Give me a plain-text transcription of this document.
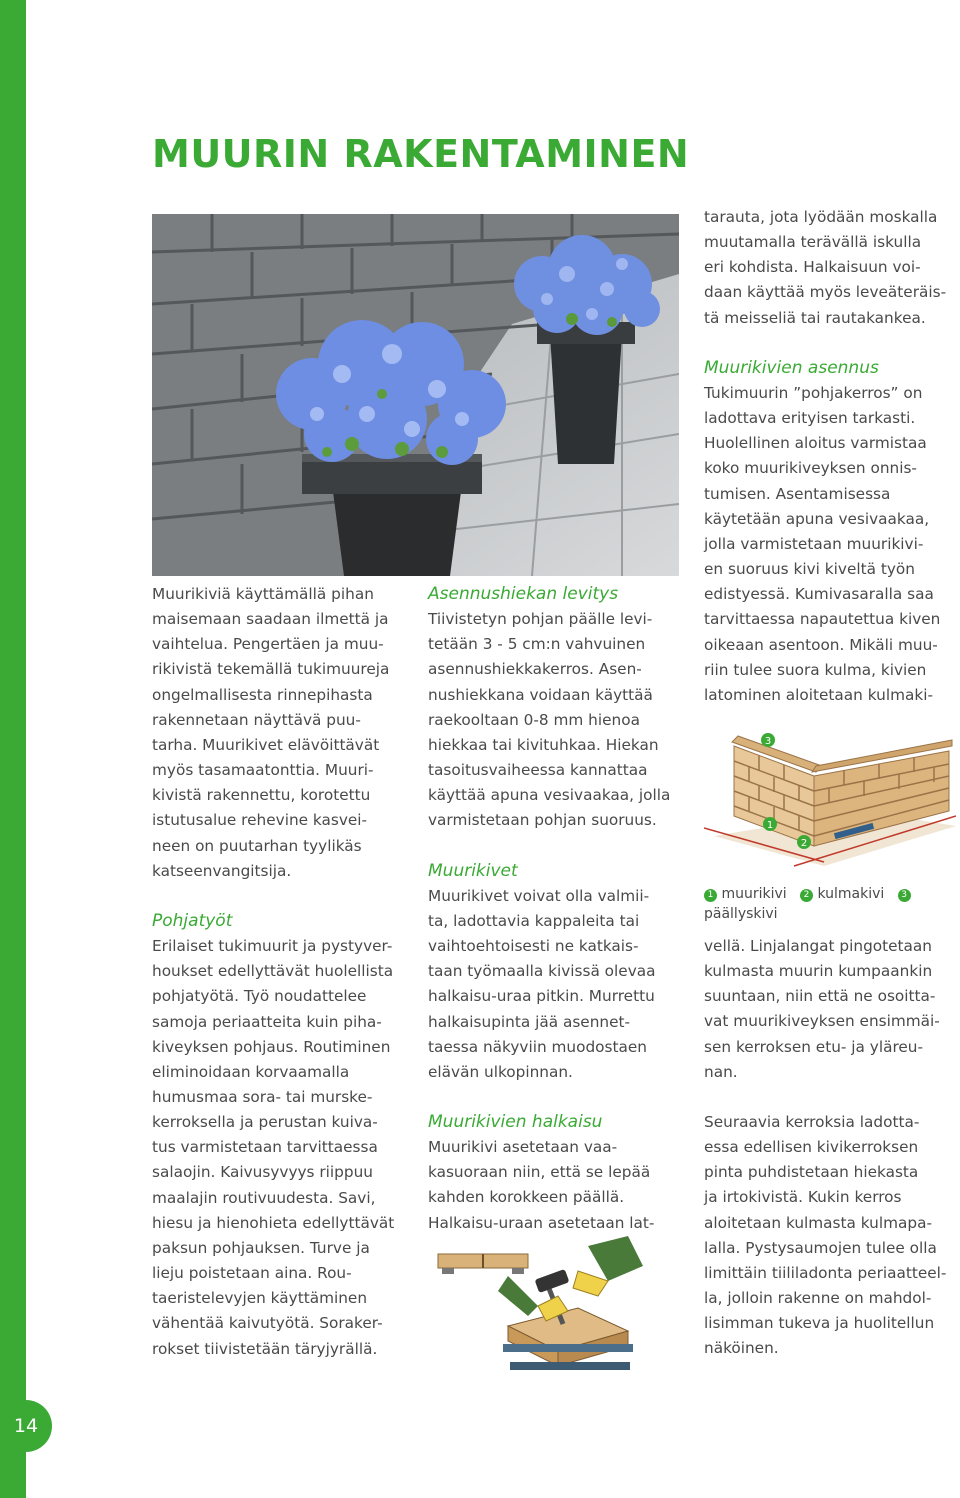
14
MUURIN RAKENTAMINEN

Muurikiviä käyttämällä pihan
maisemaan saadaan ilmettä ja
vaihtelua. Pengertäen ja muu-
rikivistä tekemällä tukimuureja
ongelmallisesta rinnepihasta
rakennetaan näyttävä puu-
tarha. Muurikivet elävöittävät
myös tasamaatonttia. Muuri-
kivistä rakennettu, korotettu
istutusalue rehevine kasvei-
neen on puutarhan tyylikäs
katseenvangitsija.

Pohjatyöt

Erilaiset tukimuurit ja pystyver-
houkset edellyttävät huolellista
pohjatyötä. Työ noudattelee
samoja periaatteita kuin piha-
kiveyksen pohjaus. Routiminen
eliminoidaan korvaamalla
humusmaa sora- tai murske-
kerroksella ja perustan kuiva-
tus varmistetaan tarvittaessa
salaojin. Kaivusyvyys riippuu
maalajin routivuudesta. Savi,
hiesu ja hienohieta edellyttävät
paksun pohjauksen. Turve ja
lieju poistetaan aina. Rou-
taeristelevyjen käyttäminen
vähentää kaivutyötä. Soraker-
rokset tiivistetään täryjyrällä.

Asennushiekan levitys

Tiivistetyn pohjan päälle levi-
tetään 3 - 5 cm:n vahvuinen
asennushiekkakerros. Asen-
nushiekkana voidaan käyttää
raekooltaan 0-8 mm hienoa
hiekkaa tai kivituhkaa. Hiekan
tasoitusvaiheessa kannattaa
käyttää apuna vesivaakaa, jolla
varmistetaan pohjan suoruus.

Muurikivet

Muurikivet voivat olla valmii-
ta, ladottavia kappaleita tai
vaihtoehtoisesti ne katkais-
taan työmaalla kivissä olevaa
halkaisu-uraa pitkin. Murrettu
halkaisupinta jää asennet-
taessa näkyviin muodostaen
elävän ulkopinnan.

Muurikivien halkaisu

Muurikivi asetetaan vaa-
kasuoraan niin, että se lepää
kahden korokkeen päällä.
Halkaisu-uraan asetetaan lat-

tarauta, jota lyödään moskalla
muutamalla terävällä iskulla
eri kohdista. Halkaisuun voi-
daan käyttää myös leveäteräis-
tä meisseliä tai rautakankea.

Muurikivien asennus

Tukimuurin ”pohjakerros” on
ladottava erityisen tarkasti.
Huolellinen aloitus varmistaa
koko muurikiveyksen onnis-
tumisen. Asentamisessa
käytetään apuna vesivaakaa,
jolla varmistetaan muurikivi-
en suoruus kivi kiveltä työn
edistyessä. Kumivasaralla saa
tarvittaessa napautettua kiven
oikeaan asentoon. Mikäli muu-
riin tulee suora kulma, kivien
latominen aloitetaan kulmaki-

3
1
2
1 muurikivi 2 kulmakivi 3 päällyskivi

vellä. Linjalangat pingotetaan
kulmasta muurin kumpaankin
suuntaan, niin että ne osoitta-
vat muurikiveyksen ensimmäi-
sen kerroksen etu- ja yläreu-
nan.

Seuraavia kerroksia ladotta-
essa edellisen kivikerroksen
pinta puhdistetaan hiekasta
ja irtokivistä. Kukin kerros
aloitetaan kulmasta kulmapa-
lalla. Pystysaumojen tulee olla
limittäin tiililadonta periaatteel-
la, jolloin rakenne on mahdol-
lisimman tukeva ja huolitellun
näköinen.
